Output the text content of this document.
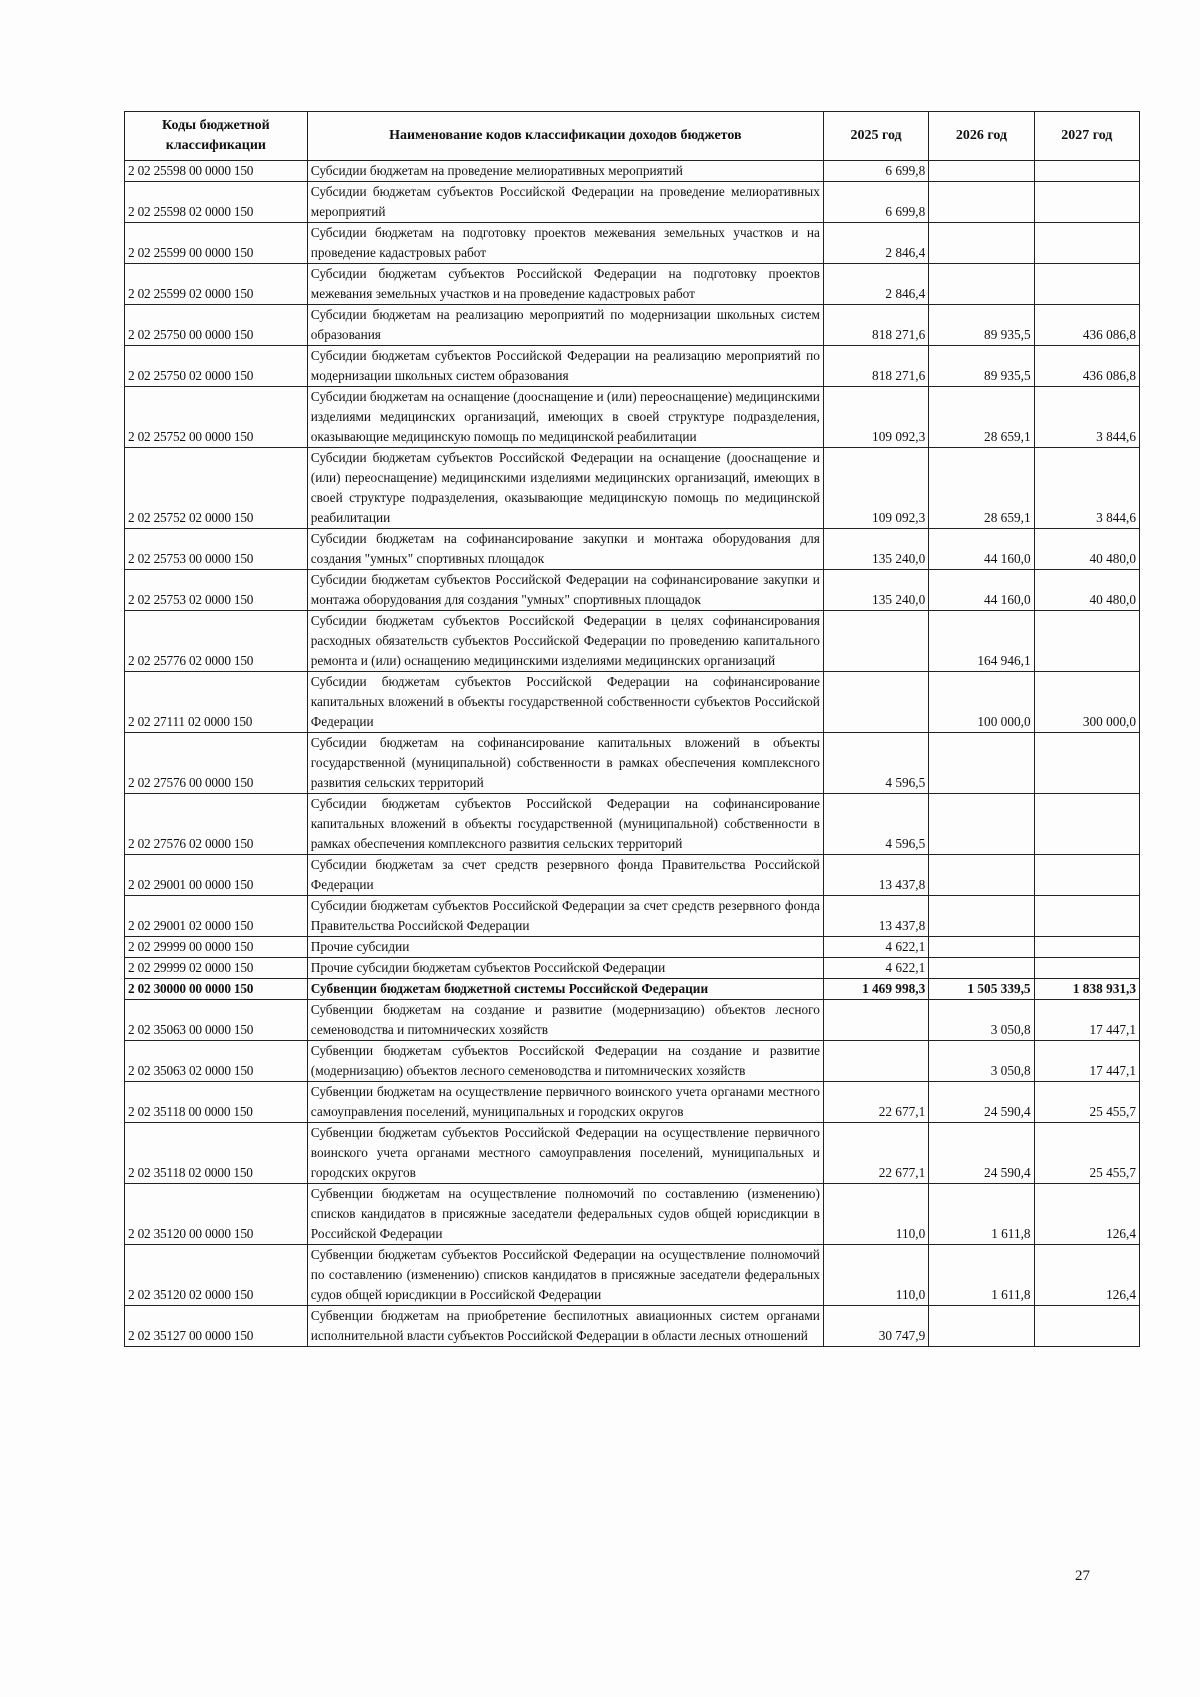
Коды бюджетной классификации	Наименование кодов классификации доходов бюджетов	2025 год	2026 год	2027 год
2 02 25598 00 0000 150	Субсидии бюджетам на проведение мелиоративных мероприятий	6 699,8		
2 02 25598 02 0000 150	Субсидии бюджетам субъектов Российской Федерации на проведение мелиоративных мероприятий	6 699,8		
2 02 25599 00 0000 150	Субсидии бюджетам на подготовку проектов межевания земельных участков и на проведение кадастровых работ	2 846,4		
2 02 25599 02 0000 150	Субсидии бюджетам субъектов Российской Федерации на подготовку проектов межевания земельных участков и на проведение кадастровых работ	2 846,4		
2 02 25750 00 0000 150	Субсидии бюджетам на реализацию мероприятий по модернизации школьных систем образования	818 271,6	89 935,5	436 086,8
2 02 25750 02 0000 150	Субсидии бюджетам субъектов Российской Федерации на реализацию мероприятий по модернизации школьных систем образования	818 271,6	89 935,5	436 086,8
2 02 25752 00 0000 150	Субсидии бюджетам на оснащение (дооснащение и (или) переоснащение) медицинскими изделиями медицинских организаций, имеющих в своей структуре подразделения, оказывающие медицинскую помощь по медицинской реабилитации	109 092,3	28 659,1	3 844,6
2 02 25752 02 0000 150	Субсидии бюджетам субъектов Российской Федерации на оснащение (дооснащение и (или) переоснащение) медицинскими изделиями медицинских организаций, имеющих в своей структуре подразделения, оказывающие медицинскую помощь по медицинской реабилитации	109 092,3	28 659,1	3 844,6
2 02 25753 00 0000 150	Субсидии бюджетам на софинансирование закупки и монтажа оборудования для создания "умных" спортивных площадок	135 240,0	44 160,0	40 480,0
2 02 25753 02 0000 150	Субсидии бюджетам субъектов Российской Федерации на софинансирование закупки и монтажа оборудования для создания "умных" спортивных площадок	135 240,0	44 160,0	40 480,0
2 02 25776 02 0000 150	Субсидии бюджетам субъектов Российской Федерации в целях софинансирования расходных обязательств субъектов Российской Федерации по проведению капитального ремонта и (или) оснащению медицинскими изделиями медицинских организаций		164 946,1	
2 02 27111 02 0000 150	Субсидии бюджетам субъектов Российской Федерации на софинансирование капитальных вложений в объекты государственной собственности субъектов Российской Федерации		100 000,0	300 000,0
2 02 27576 00 0000 150	Субсидии бюджетам на софинансирование капитальных вложений в объекты государственной (муниципальной) собственности в рамках обеспечения комплексного развития сельских территорий	4 596,5		
2 02 27576 02 0000 150	Субсидии бюджетам субъектов Российской Федерации на софинансирование капитальных вложений в объекты государственной (муниципальной) собственности в рамках обеспечения комплексного развития сельских территорий	4 596,5		
2 02 29001 00 0000 150	Субсидии бюджетам за счет средств резервного фонда Правительства Российской Федерации	13 437,8		
2 02 29001 02 0000 150	Субсидии бюджетам субъектов Российской Федерации за счет средств резервного фонда Правительства Российской Федерации	13 437,8		
2 02 29999 00 0000 150	Прочие субсидии	4 622,1		
2 02 29999 02 0000 150	Прочие субсидии бюджетам субъектов Российской Федерации	4 622,1		
2 02 30000 00 0000 150	Субвенции бюджетам бюджетной системы Российской Федерации	1 469 998,3	1 505 339,5	1 838 931,3
2 02 35063 00 0000 150	Субвенции бюджетам на создание и развитие (модернизацию) объектов лесного семеноводства и питомнических хозяйств		3 050,8	17 447,1
2 02 35063 02 0000 150	Субвенции бюджетам субъектов Российской Федерации на создание и развитие (модернизацию) объектов лесного семеноводства и питомнических хозяйств		3 050,8	17 447,1
2 02 35118 00 0000 150	Субвенции бюджетам на осуществление первичного воинского учета органами местного самоуправления поселений, муниципальных и городских округов	22 677,1	24 590,4	25 455,7
2 02 35118 02 0000 150	Субвенции бюджетам субъектов Российской Федерации на осуществление первичного воинского учета органами местного самоуправления поселений, муниципальных и городских округов	22 677,1	24 590,4	25 455,7
2 02 35120 00 0000 150	Субвенции бюджетам на осуществление полномочий по составлению (изменению) списков кандидатов в присяжные заседатели федеральных судов общей юрисдикции в Российской Федерации	110,0	1 611,8	126,4
2 02 35120 02 0000 150	Субвенции бюджетам субъектов Российской Федерации на осуществление полномочий по составлению (изменению) списков кандидатов в присяжные заседатели федеральных судов общей юрисдикции в Российской Федерации	110,0	1 611,8	126,4
2 02 35127 00 0000 150	Субвенции бюджетам на приобретение беспилотных авиационных систем органами исполнительной власти субъектов Российской Федерации в области лесных отношений	30 747,9		
27
